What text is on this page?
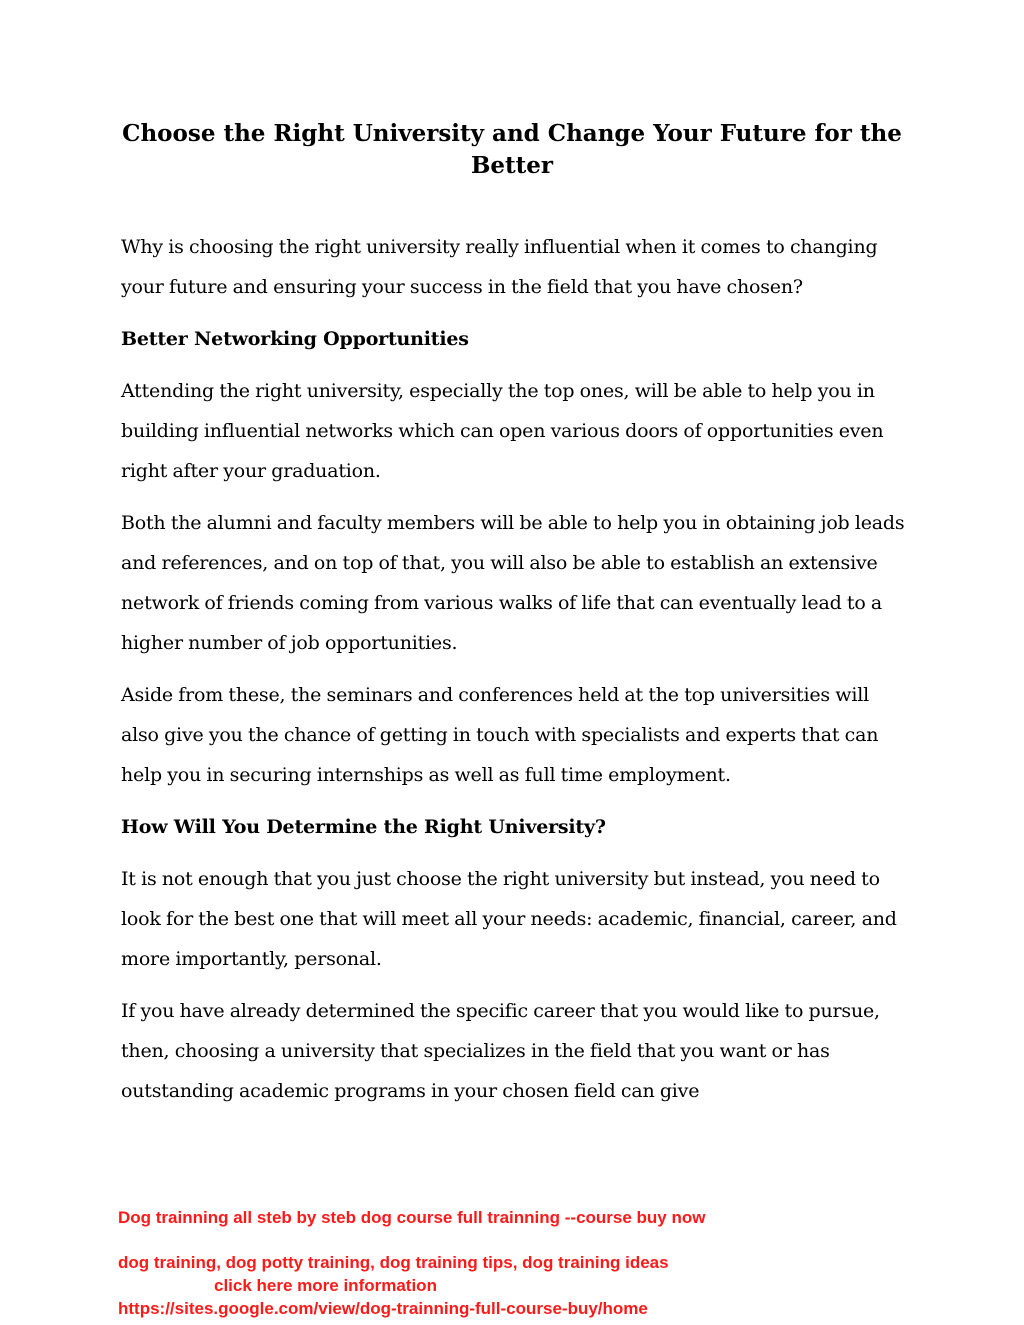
Choose the Right University and Change Your Future for the Better

Why is choosing the right university really influential when it comes to changing your future and ensuring your success in the field that you have chosen?

Better Networking Opportunities

Attending the right university, especially the top ones, will be able to help you in building influential networks which can open various doors of opportunities even right after your graduation.

Both the alumni and faculty members will be able to help you in obtaining job leads and references, and on top of that, you will also be able to establish an extensive network of friends coming from various walks of life that can eventually lead to a higher number of job opportunities.

Aside from these, the seminars and conferences held at the top universities will also give you the chance of getting in touch with specialists and experts that can help you in securing internships as well as full time employment.

How Will You Determine the Right University?

It is not enough that you just choose the right university but instead, you need to look for the best one that will meet all your needs: academic, financial, career, and more importantly, personal.

If you have already determined the specific career that you would like to pursue, then, choosing a university that specializes in the field that you want or has outstanding academic programs in your chosen field can give

Dog trainning all steb by steb dog course full trainning --course buy now

dog training, dog potty training, dog training tips, dog training ideas

click here more information

https://sites.google.com/view/dog-trainning-full-course-buy/home
